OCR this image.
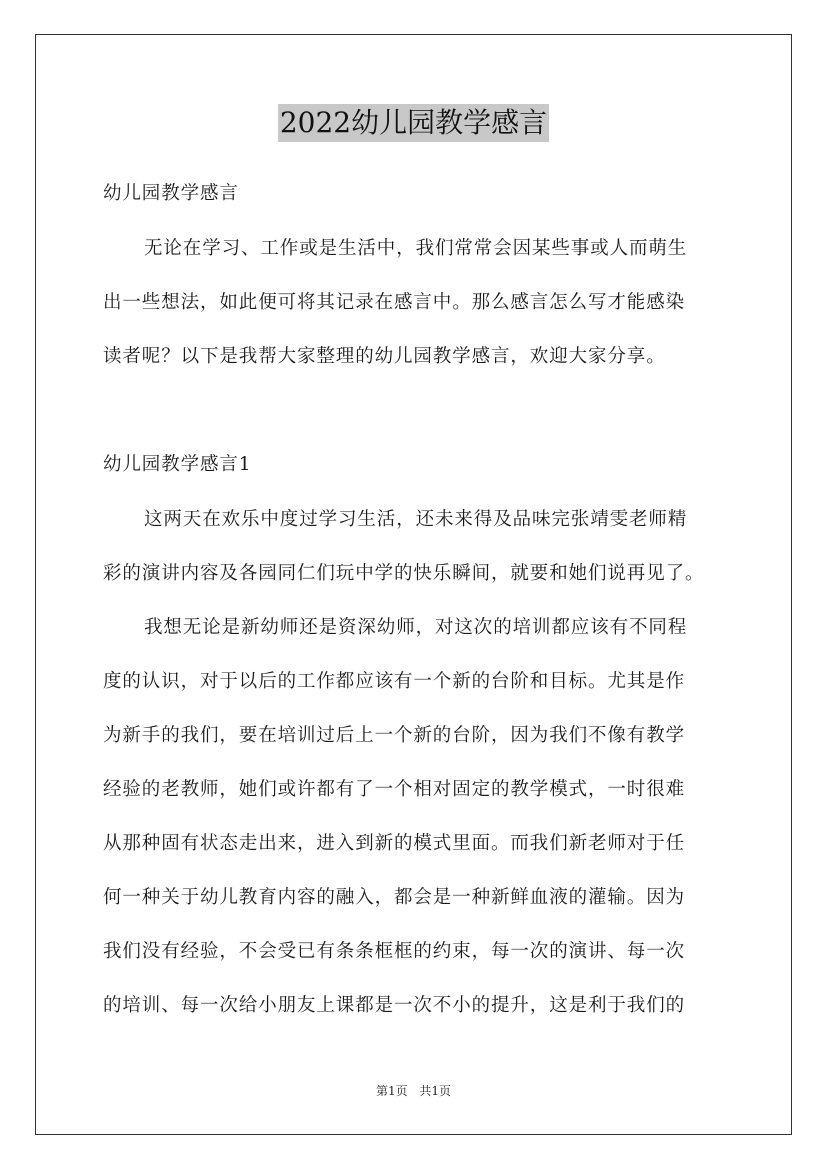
2022幼儿园教学感言
幼儿园教学感言
无论在学习、工作或是生活中，我们常常会因某些事或人而萌生
出一些想法，如此便可将其记录在感言中。那么感言怎么写才能感染
读者呢？以下是我帮大家整理的幼儿园教学感言，欢迎大家分享。
幼儿园教学感言1
这两天在欢乐中度过学习生活，还未来得及品味完张靖雯老师精
彩的演讲内容及各园同仁们玩中学的快乐瞬间，就要和她们说再见了。
我想无论是新幼师还是资深幼师，对这次的培训都应该有不同程
度的认识，对于以后的工作都应该有一个新的台阶和目标。尤其是作
为新手的我们，要在培训过后上一个新的台阶，因为我们不像有教学
经验的老教师，她们或许都有了一个相对固定的教学模式，一时很难
从那种固有状态走出来，进入到新的模式里面。而我们新老师对于任
何一种关于幼儿教育内容的融入，都会是一种新鲜血液的灌输。因为
我们没有经验，不会受已有条条框框的约束，每一次的演讲、每一次
的培训、每一次给小朋友上课都是一次不小的提升，这是利于我们的
第1页 共1页
